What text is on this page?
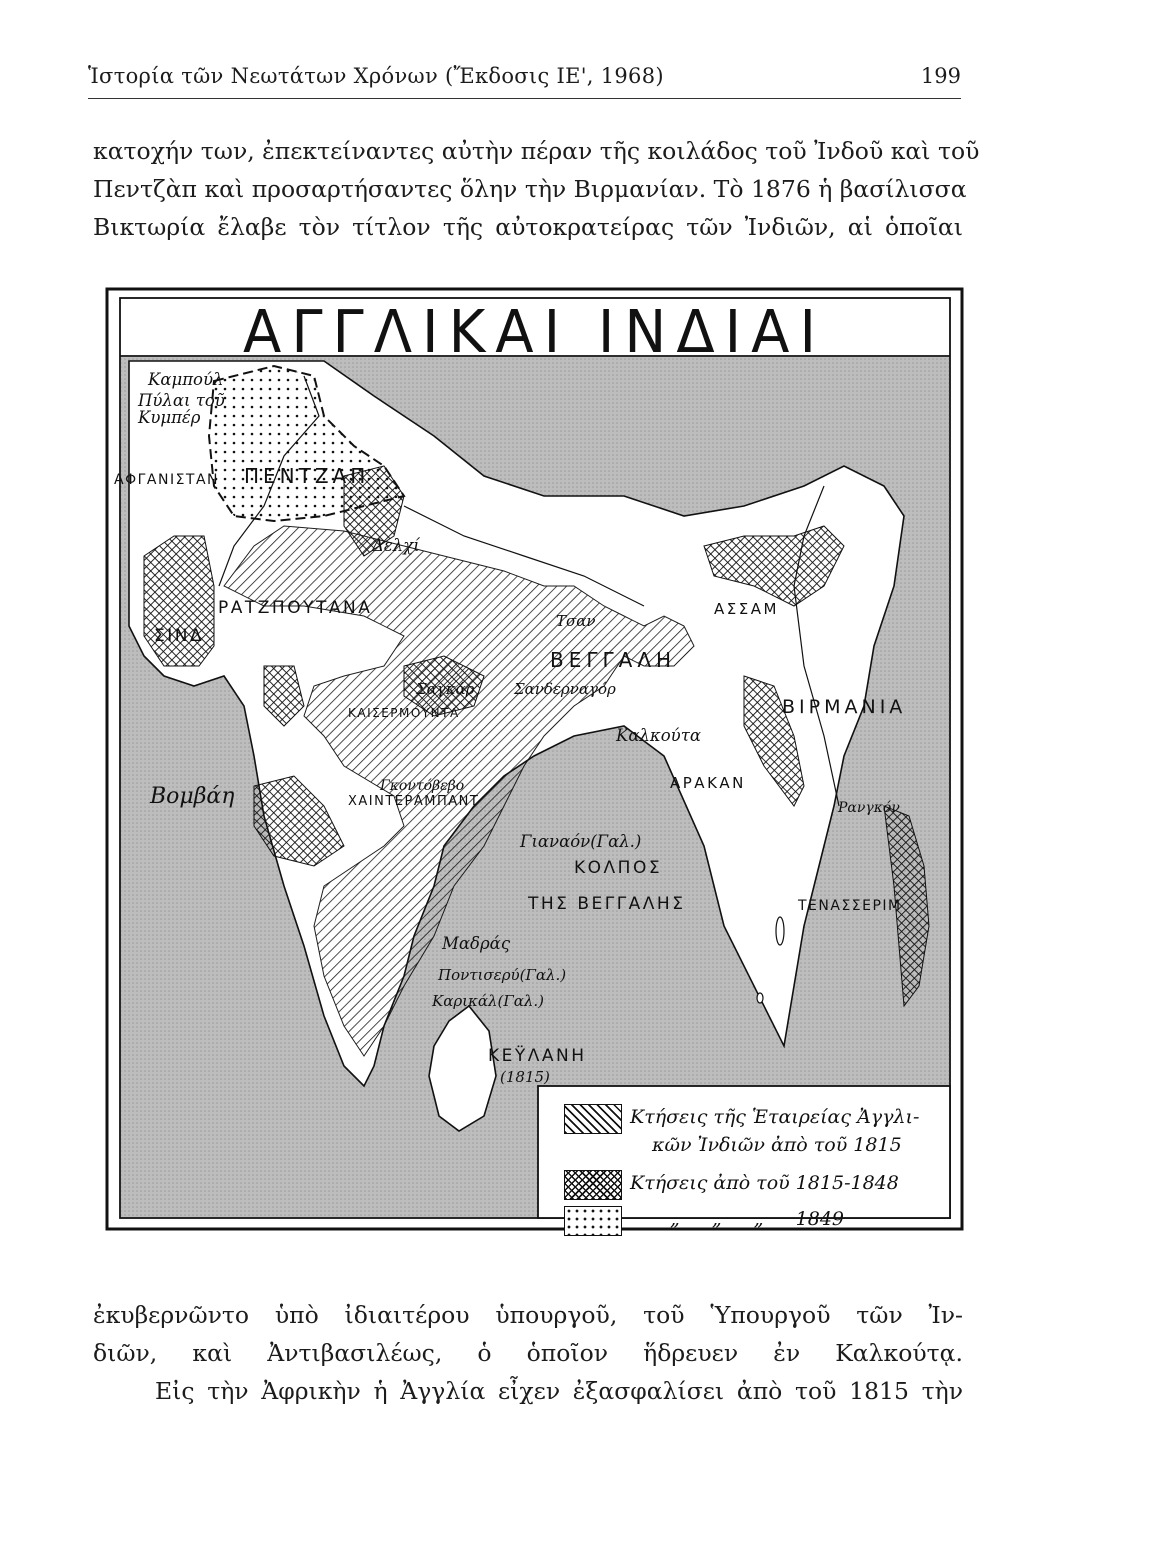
Ἱστορία τῶν Νεωτάτων Χρόνων (Ἔκδοσις ΙΕ', 1968)	199
κατοχήν των, ἐπεκτείναντες αὐτὴν πέραν τῆς κοιλάδος τοῦ Ἰνδοῦ καὶ τοῦ
Πεντζὰπ καὶ προσαρτήσαντες ὅλην τὴν Βιρμανίαν. Τὸ 1876 ἡ βασίλισσα
Βικτωρία ἔλαβε τὸν τίτλον τῆς αὐτοκρατείρας τῶν Ἰνδιῶν, αἱ ὁποῖαι
ΑΓΓΛΙΚΑΙ ΙΝΔΙΑΙ
Καμπούλ
Πύλαι τοῦ Κυμπέρ
ΑΦΓΑΝΙΣΤΑΝ ΠΕΝΤΖΑΠ
Δελχί
ΡΑΤΖΠΟΥΤΑΝΑ
ΣΙΝΔ
ΑΣΣΑΜ
Τσαν
ΒΕΓΓΑΛΗ
Σανδερναγόρ
Σαγκάρ
ΚΑΙΣΕΡΜΟΥΝΤΑ	ΒΙΡΜΑΝΙΑ
Καλκούτα
ΑΡΑΚΑΝ
Ρανγκόν
Βομβάη	Γκοντόβεβο
ΧΑΙΝΤΕΡΑΜΠΑΝΤ
Γιαναόν(Γαλ.)
ΚΟΛΠΟΣ
ΤΗΣ ΒΕΓΓΑΛΗΣ	ΤΕΝΑΣΣΕΡΙΜ
Μαδράς
Ποντισερύ(Γαλ.)
Καρικάλ(Γαλ.)
ΚΕΫΛΑΝΗ
(1815)
Κτήσεις τῆς Ἑταιρείας Ἀγγλι-
κῶν Ἰνδιῶν ἀπὸ τοῦ 1815
Κτήσεις ἀπὸ τοῦ 1815-1848
„ „ „ 1849
ἐκυβερνῶντο ὑπὸ ἰδιαιτέρου ὑπουργοῦ, τοῦ Ὑπουργοῦ τῶν Ἰν-
διῶν, καὶ Ἀντιβασιλέως, ὁ ὁποῖον ἥδρευεν ἐν Καλκούτᾳ.
Εἰς τὴν Ἀφρικὴν ἡ Ἀγγλία εἶχεν ἐξασφαλίσει ἀπὸ τοῦ 1815 τὴν
